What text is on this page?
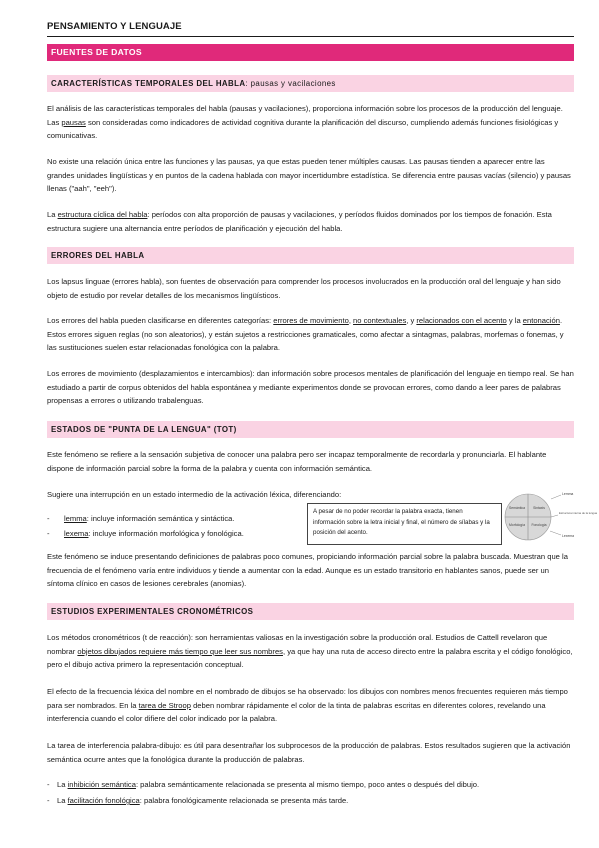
PENSAMIENTO Y LENGUAJE
FUENTES DE DATOS
CARACTERÍSTICAS TEMPORALES DEL HABLA: pausas y vacilaciones
El análisis de las características temporales del habla (pausas y vacilaciones), proporciona información sobre los procesos de la producción del lenguaje. Las pausas son consideradas como indicadores de actividad cognitiva durante la planificación del discurso, cumpliendo además funciones fisiológicas y comunicativas.
No existe una relación única entre las funciones y las pausas, ya que estas pueden tener múltiples causas. Las pausas tienden a aparecer entre las grandes unidades lingüísticas y en puntos de la cadena hablada con mayor incertidumbre estadística. Se diferencia entre pausas vacías (silencio) y pausas llenas ("aah", "eeh").
La estructura cíclica del habla: períodos con alta proporción de pausas y vacilaciones, y períodos fluidos dominados por los tiempos de fonación. Esta estructura sugiere una alternancia entre períodos de planificación y ejecución del habla.
ERRORES DEL HABLA
Los lapsus linguae (errores habla), son fuentes de observación para comprender los procesos involucrados en la producción oral del lenguaje y han sido objeto de estudio por revelar detalles de los mecanismos lingüísticos.
Los errores del habla pueden clasificarse en diferentes categorías: errores de movimiento, no contextuales, y relacionados con el acento y la entonación. Estos errores siguen reglas (no son aleatorios), y están sujetos a restricciones gramaticales, como afectar a sintagmas, palabras, morfemas o fonemas, y las sustituciones suelen estar relacionadas fonológica con la palabra.
Los errores de movimiento (desplazamientos e intercambios): dan información sobre procesos mentales de planificación del lenguaje en tiempo real. Se han estudiado a partir de corpus obtenidos del habla espontánea y mediante experimentos donde se provocan errores, como dando a leer pares de palabras propensas a errores o utilizando trabalenguas.
ESTADOS DE "PUNTA DE LA LENGUA" (TOT)
Este fenómeno se refiere a la sensación subjetiva de conocer una palabra pero ser incapaz temporalmente de recordarla y pronunciarla. El hablante dispone de información parcial sobre la forma de la palabra y cuenta con información semántica.
Sugiere una interrupción en un estado intermedio de la activación léxica, diferenciando:
- lemma: incluye información semántica y sintáctica.
- lexema: incluye información morfológica y fonológica.
A pesar de no poder recordar la palabra exacta, tienen información sobre la letra inicial y final, el número de sílabas y la posición del acento.
Semántica Sintaxis
Morfología Fonología
Lemma
Estructura interna de la lengua
Lexema
Este fenómeno se induce presentando definiciones de palabras poco comunes, propiciando información parcial sobre la palabra buscada. Muestran que la frecuencia de el fenómeno varía entre individuos y tiende a aumentar con la edad. Aunque es un estado transitorio en hablantes sanos, puede ser un síntoma clínico en casos de lesiones cerebrales (anomias).
ESTUDIOS EXPERIMENTALES CRONOMÉTRICOS
Los métodos cronométricos (t de reacción): son herramientas valiosas en la investigación sobre la producción oral. Estudios de Cattell revelaron que nombrar objetos dibujados requiere más tiempo que leer sus nombres, ya que hay una ruta de acceso directo entre la palabra escrita y el código fonológico, pero el dibujo activa primero la representación conceptual.
El efecto de la frecuencia léxica del nombre en el nombrado de dibujos se ha observado: los dibujos con nombres menos frecuentes requieren más tiempo para ser nombrados. En la tarea de Stroop deben nombrar rápidamente el color de la tinta de palabras escritas en diferentes colores, revelando una interferencia cuando el color difiere del color indicado por la palabra.
La tarea de interferencia palabra-dibujo: es útil para desentrañar los subprocesos de la producción de palabras. Estos resultados sugieren que la activación semántica ocurre antes que la fonológica durante la producción de palabras.
- La inhibición semántica: palabra semánticamente relacionada se presenta al mismo tiempo, poco antes o después del dibujo.
- La facilitación fonológica: palabra fonológicamente relacionada se presenta más tarde.
